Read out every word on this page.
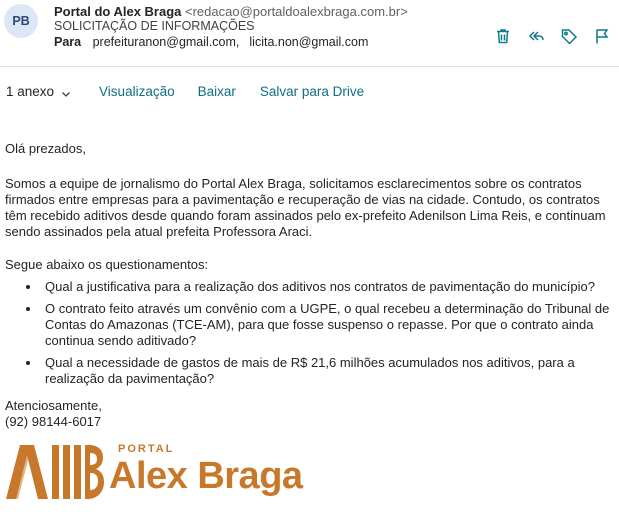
PB
Portal do Alex Braga <redacao@portaldoalexbraga.com.br>
SOLICITAÇÃO DE INFORMAÇÕES
Para prefeituranon@gmail.com, licita.non@gmail.com
1 anexo	Visualização Baixar Salvar para Drive

Olá prezados,

Somos a equipe de jornalismo do Portal Alex Braga, solicitamos esclarecimentos sobre os contratos firmados entre empresas para a pavimentação e recuperação de vias na cidade. Contudo, os contratos têm recebido aditivos desde quando foram assinados pelo ex-prefeito Adenilson Lima Reis, e continuam sendo assinados pela atual prefeita Professora Araci.

Segue abaixo os questionamentos:

• Qual a justificativa para a realização dos aditivos nos contratos de pavimentação do município?
• O contrato feito através um convênio com a UGPE, o qual recebeu a determinação do Tribunal de Contas do Amazonas (TCE-AM), para que fosse suspenso o repasse. Por que o contrato ainda continua sendo aditivado?
• Qual a necessidade de gastos de mais de R$ 21,6 milhões acumulados nos aditivos, para a realização da pavimentação?

Atenciosamente,

(92) 98144-6017

PORTAL
Alex Braga
